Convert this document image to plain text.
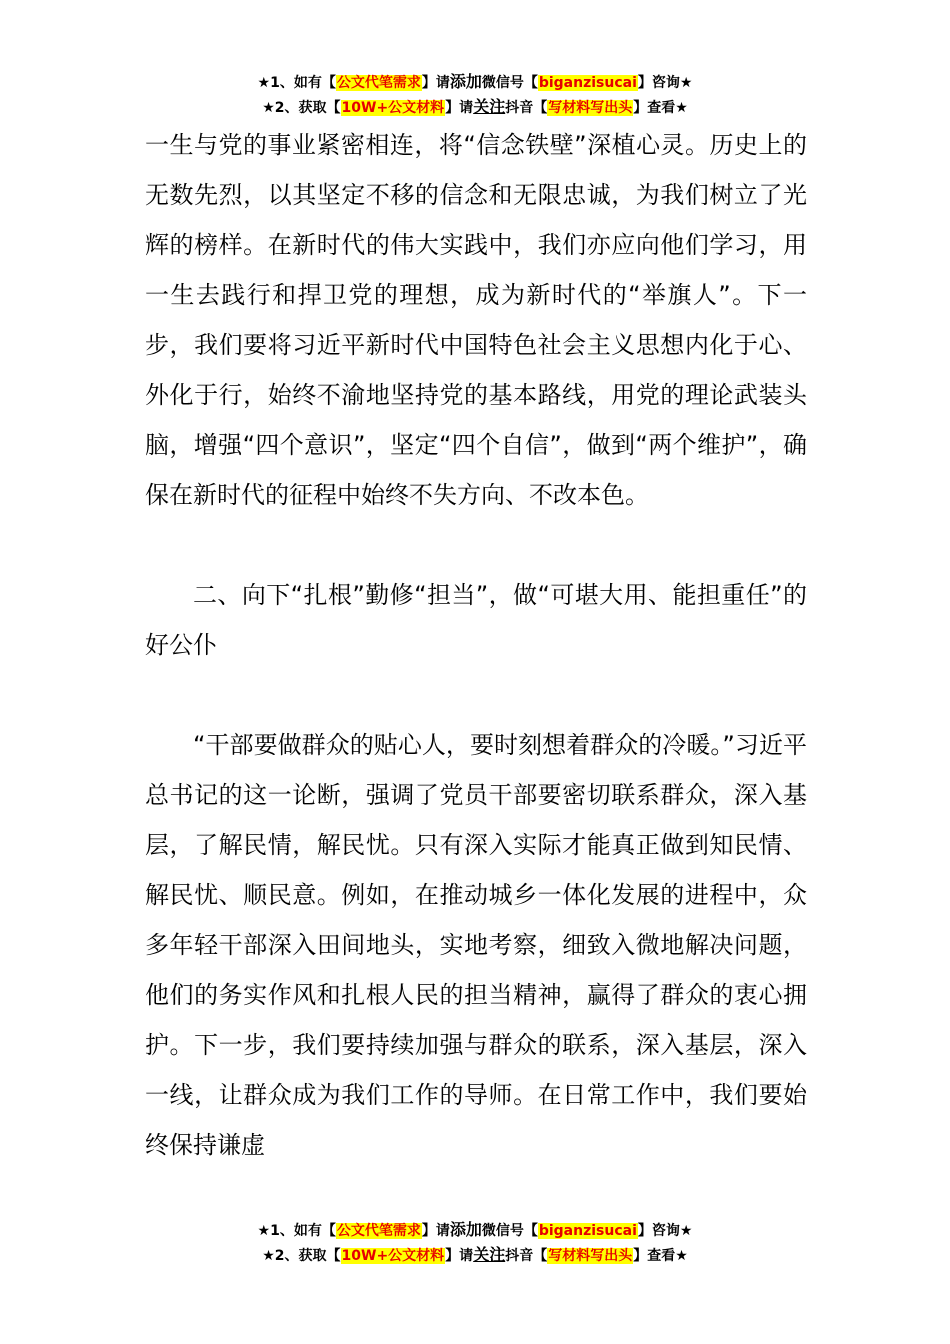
★1、如有【公文代笔需求】请添加微信号【biganzisucai】咨询★
★2、获取【10W+公文材料】请关注抖音【写材料写出头】查看★

一生与党的事业紧密相连，将“信念铁壁”深植心灵。历史上的无数先烈，以其坚定不移的信念和无限忠诚，为我们树立了光辉的榜样。在新时代的伟大实践中，我们亦应向他们学习，用一生去践行和捍卫党的理想，成为新时代的“举旗人”。下一步，我们要将习近平新时代中国特色社会主义思想内化于心、外化于行，始终不渝地坚持党的基本路线，用党的理论武装头脑，增强“四个意识”，坚定“四个自信”，做到“两个维护”，确保在新时代的征程中始终不失方向、不改本色。

二、向下“扎根”勤修“担当”，做“可堪大用、能担重任”的好公仆

“干部要做群众的贴心人，要时刻想着群众的冷暖。”习近平总书记的这一论断，强调了党员干部要密切联系群众，深入基层，了解民情，解民忧。只有深入实际才能真正做到知民情、解民忧、顺民意。例如，在推动城乡一体化发展的进程中，众多年轻干部深入田间地头，实地考察，细致入微地解决问题，他们的务实作风和扎根人民的担当精神，赢得了群众的衷心拥护。下一步，我们要持续加强与群众的联系，深入基层，深入一线，让群众成为我们工作的导师。在日常工作中，我们要始终保持谦虚

★1、如有【公文代笔需求】请添加微信号【biganzisucai】咨询★
★2、获取【10W+公文材料】请关注抖音【写材料写出头】查看★
